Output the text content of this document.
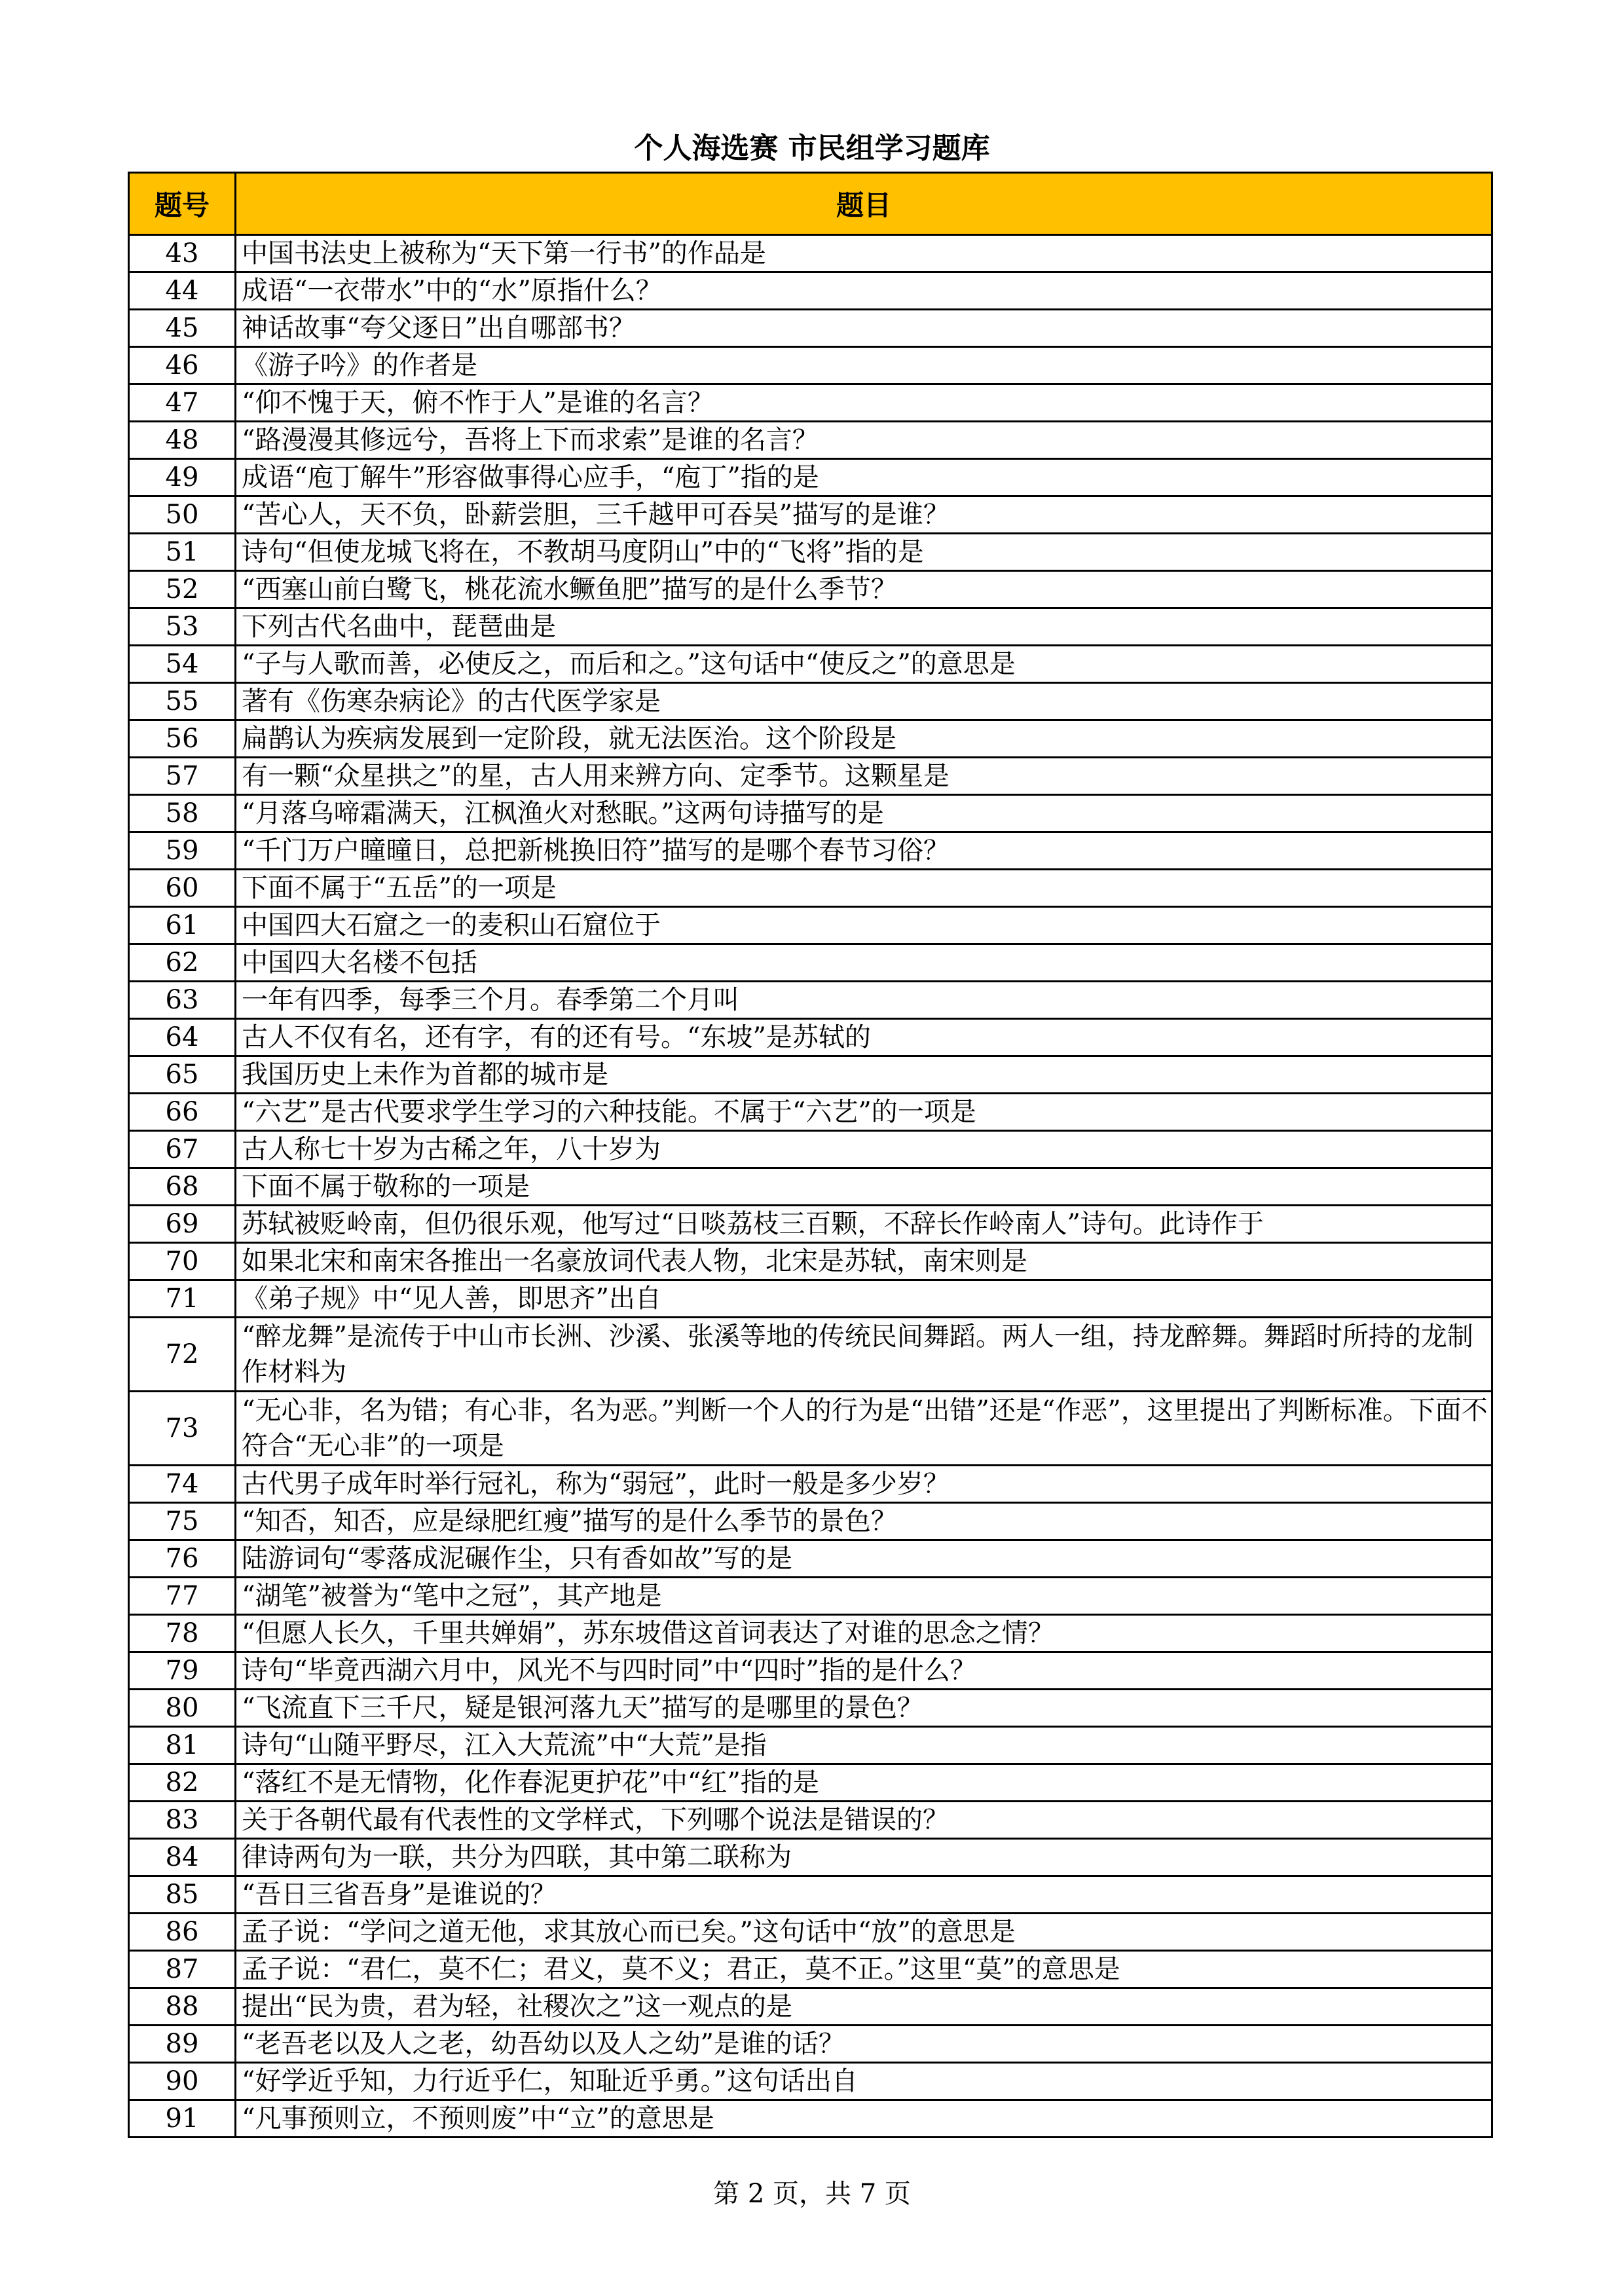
个人海选赛 市民组学习题库
题号	题目
43	中国书法史上被称为“天下第一行书”的作品是
44	成语“一衣带水”中的“水”原指什么？
45	神话故事“夸父逐日”出自哪部书？
46	《游子吟》的作者是
47	“仰不愧于天，俯不怍于人”是谁的名言？
48	“路漫漫其修远兮，吾将上下而求索”是谁的名言？
49	成语“庖丁解牛”形容做事得心应手，“庖丁”指的是
50	“苦心人，天不负，卧薪尝胆，三千越甲可吞吴”描写的是谁？
51	诗句“但使龙城飞将在，不教胡马度阴山”中的“飞将”指的是
52	“西塞山前白鹭飞，桃花流水鳜鱼肥”描写的是什么季节？
53	下列古代名曲中，琵琶曲是
54	“子与人歌而善，必使反之，而后和之。”这句话中“使反之”的意思是
55	著有《伤寒杂病论》的古代医学家是
56	扁鹊认为疾病发展到一定阶段，就无法医治。这个阶段是
57	有一颗“众星拱之”的星，古人用来辨方向、定季节。这颗星是
58	“月落乌啼霜满天，江枫渔火对愁眠。”这两句诗描写的是
59	“千门万户曈曈日，总把新桃换旧符”描写的是哪个春节习俗？
60	下面不属于“五岳”的一项是
61	中国四大石窟之一的麦积山石窟位于
62	中国四大名楼不包括
63	一年有四季，每季三个月。春季第二个月叫
64	古人不仅有名，还有字，有的还有号。“东坡”是苏轼的
65	我国历史上未作为首都的城市是
66	“六艺”是古代要求学生学习的六种技能。不属于“六艺”的一项是
67	古人称七十岁为古稀之年，八十岁为
68	下面不属于敬称的一项是
69	苏轼被贬岭南，但仍很乐观，他写过“日啖荔枝三百颗，不辞长作岭南人”诗句。此诗作于
70	如果北宋和南宋各推出一名豪放词代表人物，北宋是苏轼，南宋则是
71	《弟子规》中“见人善，即思齐”出自
72	“醉龙舞”是流传于中山市长洲、沙溪、张溪等地的传统民间舞蹈。两人一组，持龙醉舞。舞蹈时所持的龙制作材料为
73	“无心非，名为错；有心非，名为恶。”判断一个人的行为是“出错”还是“作恶”，这里提出了判断标准。下面不符合“无心非”的一项是
74	古代男子成年时举行冠礼，称为“弱冠”，此时一般是多少岁？
75	“知否，知否，应是绿肥红瘦”描写的是什么季节的景色？
76	陆游词句“零落成泥碾作尘，只有香如故”写的是
77	“湖笔”被誉为“笔中之冠”，其产地是
78	“但愿人长久，千里共婵娟”，苏东坡借这首词表达了对谁的思念之情？
79	诗句“毕竟西湖六月中，风光不与四时同”中“四时”指的是什么？
80	“飞流直下三千尺，疑是银河落九天”描写的是哪里的景色？
81	诗句“山随平野尽，江入大荒流”中“大荒”是指
82	“落红不是无情物，化作春泥更护花”中“红”指的是
83	关于各朝代最有代表性的文学样式，下列哪个说法是错误的？
84	律诗两句为一联，共分为四联，其中第二联称为
85	“吾日三省吾身”是谁说的？
86	孟子说：“学问之道无他，求其放心而已矣。”这句话中“放”的意思是
87	孟子说：“君仁，莫不仁；君义，莫不义；君正，莫不正。”这里“莫”的意思是
88	提出“民为贵，君为轻，社稷次之”这一观点的是
89	“老吾老以及人之老，幼吾幼以及人之幼”是谁的话？
90	“好学近乎知，力行近乎仁，知耻近乎勇。”这句话出自
91	“凡事预则立，不预则废”中“立”的意思是
第 2 页，共 7 页
